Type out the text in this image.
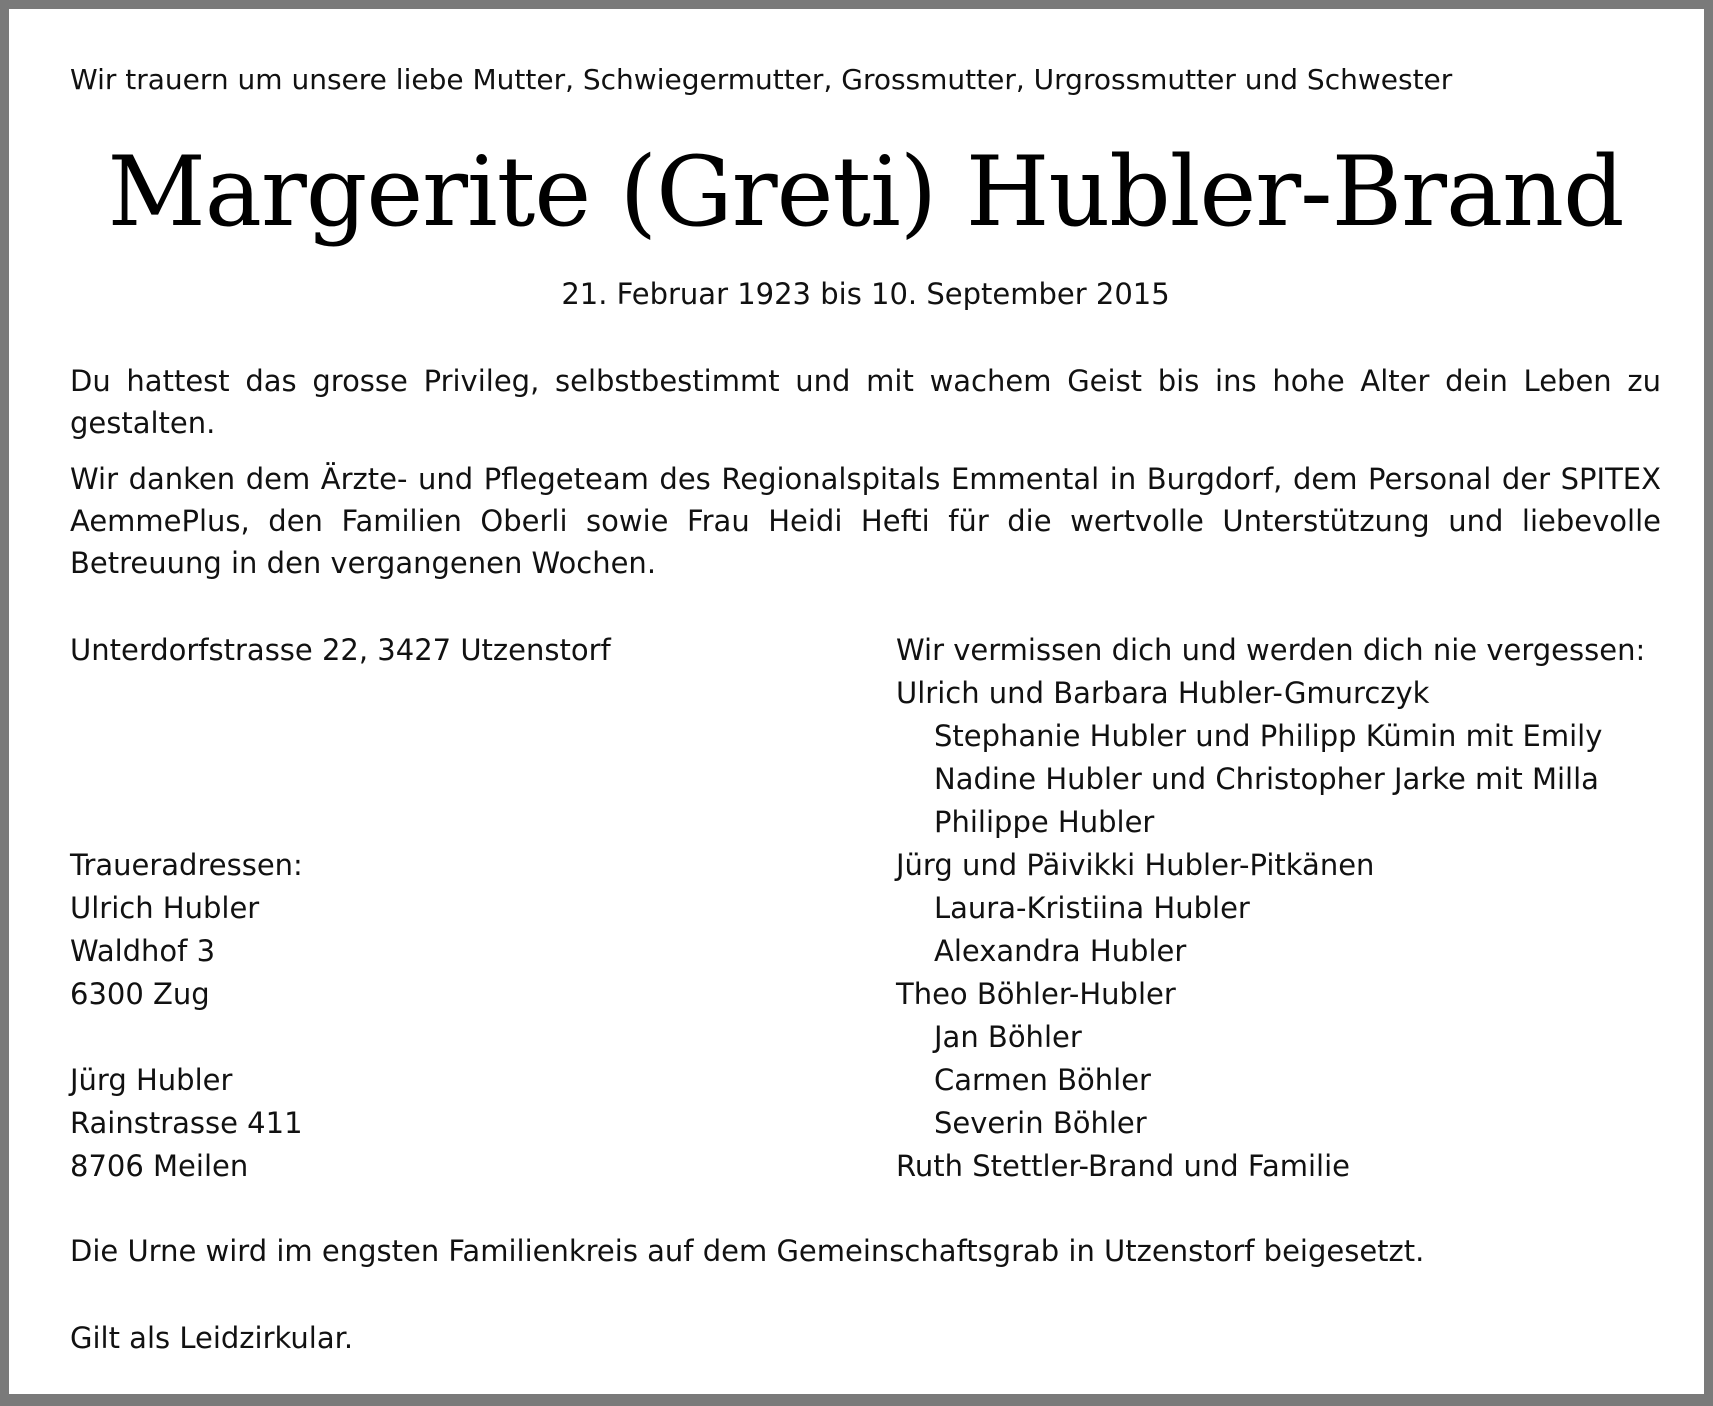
Wir trauern um unsere liebe Mutter, Schwiegermutter, Grossmutter, Urgrossmutter und Schwester
Margerite (Greti) Hubler-Brand
21. Februar 1923 bis 10. September 2015
Du hattest das grosse Privileg, selbstbestimmt und mit wachem Geist bis ins hohe Alter dein Leben zu gestalten.
Wir danken dem Ärzte- und Pflegeteam des Regionalspitals Emmental in Burgdorf, dem Personal der SPITEX AemmePlus, den Familien Oberli sowie Frau Heidi Hefti für die wertvolle Unterstützung und liebevolle Betreuung in den vergangenen Wochen.
Unterdorfstrasse 22, 3427 Utzenstorf
Traueradressen:
Ulrich Hubler
Waldhof 3
6300 Zug
Jürg Hubler
Rainstrasse 411
8706 Meilen
Wir vermissen dich und werden dich nie vergessen:
Ulrich und Barbara Hubler-Gmurczyk
Stephanie Hubler und Philipp Kümin mit Emily
Nadine Hubler und Christopher Jarke mit Milla
Philippe Hubler
Jürg und Päivikki Hubler-Pitkänen
Laura-Kristiina Hubler
Alexandra Hubler
Theo Böhler-Hubler
Jan Böhler
Carmen Böhler
Severin Böhler
Ruth Stettler-Brand und Familie
Die Urne wird im engsten Familienkreis auf dem Gemeinschaftsgrab in Utzenstorf beigesetzt.
Gilt als Leidzirkular.
